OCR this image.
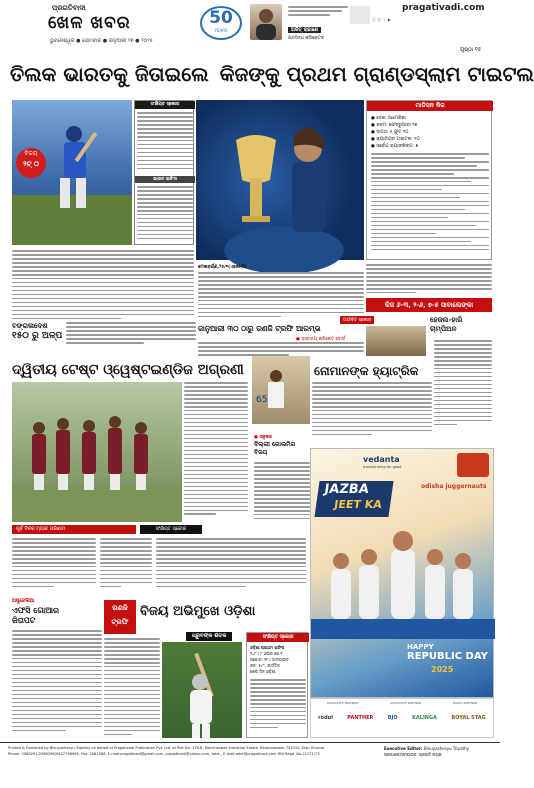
ପ୍ରଗତିବାଦୀ
ଖେଳ ଖବର
ଭୁବନେଶ୍ୱର ● ସୋମବାର ● ଜାନୁଆରୀ ୨୭ ● ୨୦୨୫
50
YEARS	ଅଜିତ୍ ରାହାଣେ
ପ୍ରସିଦ୍ଧ କ୍ରିକେଟର
pragativadi.com
ⓕ ⓧ ⓘ ▶
ପୃଷ୍ଠା ୧୫
ତିଲକ ଭାରତକୁ ଜିତାଇଲେ କିଜଙ୍କୁ ପ୍ରଥମ ଗ୍ରାଣ୍ଡସ୍ଲାମ ଟାଇଟଲ
ବିଜୟ
୨ଟ୍ ୦
ସଂକ୍ଷିପ୍ତ ସ୍କୋର
ଭାରତ ଇନିଂସ
ମାଡିସନ କିଜ
● ଦେଶ: ଆମେରିକା
● ଜନ୍ମ: ଫେବ୍ରୁଆରୀ ୧୭
● ଉଚ୍ଚତା: ୫ ଫୁଟ ୧୦
● କ୍ୟାରିୟର ଟାଇଟଲ: ୧୦
● ସର୍ବୋଚ୍ଚ ର‌୍ୟାଙ୍କିଙ୍ଗ: ୭
ମେଲବର୍ଣ୍ଣ,୨୫/୧(ଏଜେନ୍ସି)
କିଜ ୬-୩, ୨-୬, ୭-୫ ସାବାଲେଙ୍କା
ବଙ୍ଗଳାଦେଶ
୧୫୦ ରୁ ଅଳ୍ପ
ଜାନୁଆରୀ ୩୦ ଠାରୁ ରଣଜି ଟ୍ରଫି ଆରମ୍ଭ
● ଭାରତୀୟ କ୍ରିକେଟ ବୋର୍ଡ
ଅଫବିଟ ସ୍କୋର	ହେଜଲ-ହାରି
ଚାମ୍ପିଅନ
ଦ୍ୱିତୀୟ ଟେଷ୍ଟ ଓ୍ୱେଷ୍ଟଇଣ୍ଡିଜ ଅଗ୍ରଣୀ
65
ନୋମାନଙ୍କ ହ୍ୟାଟ୍ରିକ
● ସ୍ନୁକର
ଦିଲ୍ଲୀ ଗୋଲମିର ବିଜୟ
ପୂର୍ବ ଦିନର ମ୍ୟାଚ୍ ପରିଣାମ	ସଂକ୍ଷିପ୍ତ ସ୍କୋର
vedanta
transforming for good
JAZBA
JEET KA
odisha juggernauts
HAPPY
REPUBLIC DAY
2025
ASSOCIATE PARTNER	ASSOCIATE PARTNER	RADIO PARTNER
rodul	PANTHER	BJO	KALINGA	ROYAL STAG
ଅଷ୍ଟ୍ରେଲିଆ
ଏଫସି ଗୋଆର
ଜିତାପଟ
ରଣଜି
ଟ୍ରଫି
ବିଜୟ ଅଭିମୁଖେ ଓଡ଼ିଶା
ଧ୍ରୁବଙ୍କ ଶତକ	ସଂକ୍ଷିପ୍ତ ସ୍କୋର
ଓଡ଼ିଶା ପ୍ରଥମ ଇନିଂସ
୨୪୮ / ୮ ଓଭର ୭୬.୧
ସ୍କୋର: ୧୮୪ ଅଲଆଉଟ
ରନ: ୫୯*, କାର୍ତ୍ତିକ
ଶେଷ ଦିନ ଓଡ଼ିଶା
Printed & Published by Bivuyashesyu Tripathy on behalf of Pragativadi Publication Pvt. Ltd. at Plot No. 178-B, Mancheswar Industrial Estate, Bhubaneswar-751010, Dist: Khurda
Phone: 2588291/2588298/9437798965, Fax: 2582588, E-mail:pragativadi@gmail.com, pragativadi@yahoo.com, Advt., E-mail:advt@pragativadi.com RNI Regd. No.21271/73
Executive Editor: Bivuyashesyu Tripathy
ପ୍ରକାଶକ/ସମ୍ପାଦକ: ପ୍ରଗତି ନାୟକ
